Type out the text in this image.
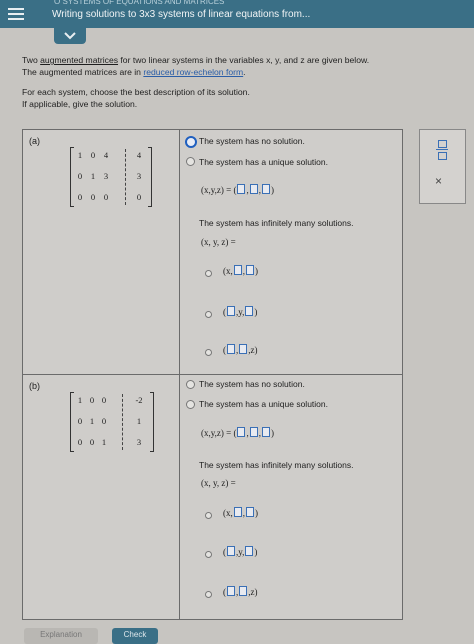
O SYSTEMS OF EQUATIONS AND MATRICES
Writing solutions to 3x3 systems of linear equations from...

Two augmented matrices for two linear systems in the variables x, y, and z are given below.

The augmented matrices are in reduced row-echelon form.

For each system, choose the best description of its solution.

If applicable, give the solution.

(a)
1	0	4	4
0	1	3	3
0	0	0	0
The system has no solution.
The system has a unique solution.
(x,y,z) = ( , , )
The system has infinitely many solutions.
(x, y, z) =
(x, , )
( ,y, )
( , ,z)
(b)
1 0 0	-2
0 1 0	1
0 0 1	3
The system has no solution.
The system has a unique solution.
(x,y,z) = ( , , )
The system has infinitely many solutions.
(x, y, z) =
(x, , )
( ,y, )
( , ,z)
×
Explanation	Check
